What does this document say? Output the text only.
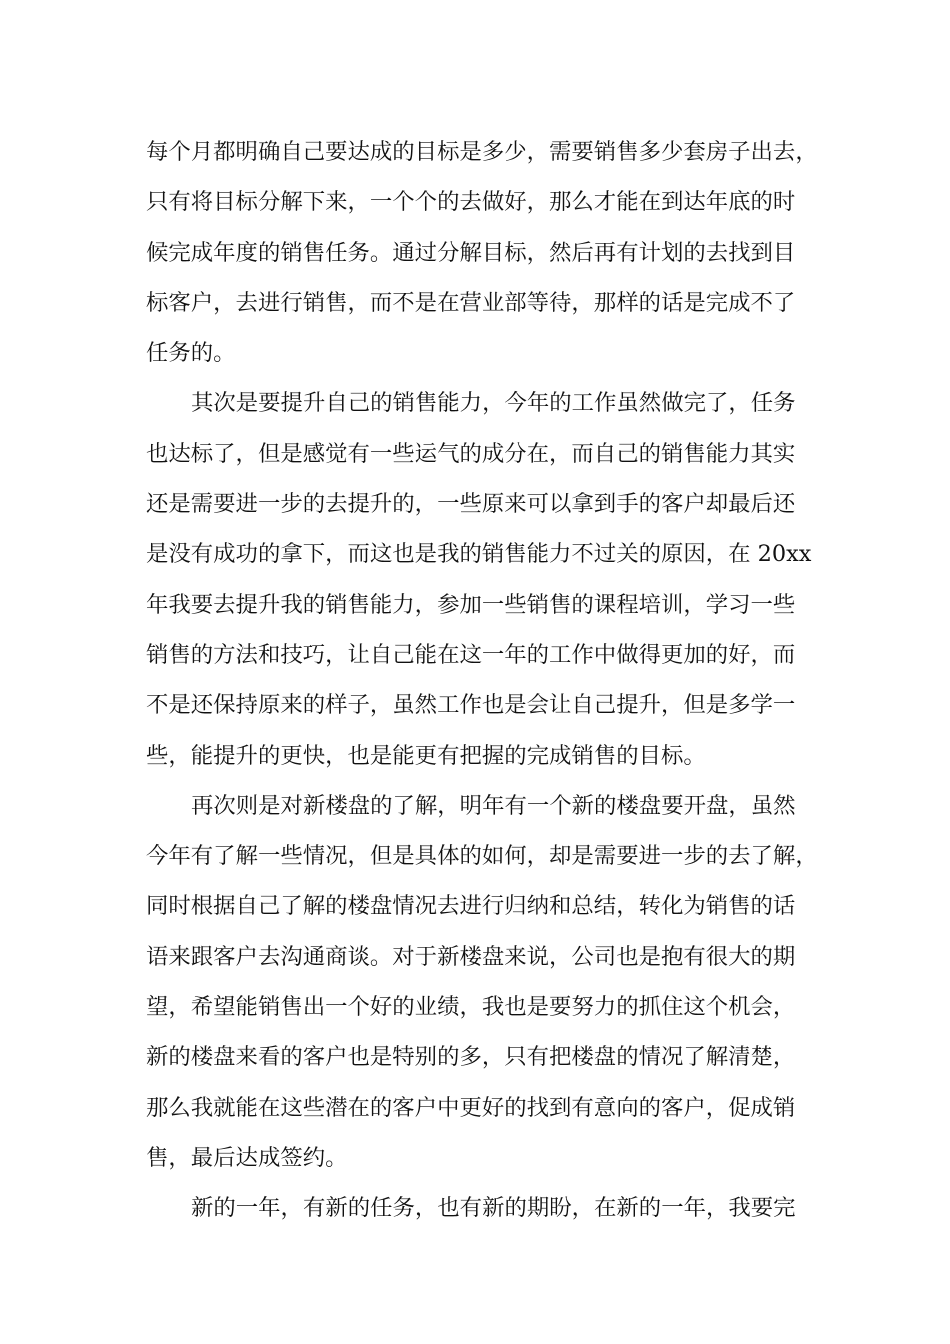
每个月都明确自己要达成的目标是多少，需要销售多少套房子出去，
只有将目标分解下来，一个个的去做好，那么才能在到达年底的时
候完成年度的销售任务。通过分解目标，然后再有计划的去找到目
标客户，去进行销售，而不是在营业部等待，那样的话是完成不了
任务的。
其次是要提升自己的销售能力，今年的工作虽然做完了，任务
也达标了，但是感觉有一些运气的成分在，而自己的销售能力其实
还是需要进一步的去提升的，一些原来可以拿到手的客户却最后还
是没有成功的拿下，而这也是我的销售能力不过关的原因，在 20xx
年我要去提升我的销售能力，参加一些销售的课程培训，学习一些
销售的方法和技巧，让自己能在这一年的工作中做得更加的好，而
不是还保持原来的样子，虽然工作也是会让自己提升，但是多学一
些，能提升的更快，也是能更有把握的完成销售的目标。
再次则是对新楼盘的了解，明年有一个新的楼盘要开盘，虽然
今年有了解一些情况，但是具体的如何，却是需要进一步的去了解，
同时根据自己了解的楼盘情况去进行归纳和总结，转化为销售的话
语来跟客户去沟通商谈。对于新楼盘来说，公司也是抱有很大的期
望，希望能销售出一个好的业绩，我也是要努力的抓住这个机会，
新的楼盘来看的客户也是特别的多，只有把楼盘的情况了解清楚，
那么我就能在这些潜在的客户中更好的找到有意向的客户，促成销
售，最后达成签约。
新的一年，有新的任务，也有新的期盼，在新的一年，我要完
